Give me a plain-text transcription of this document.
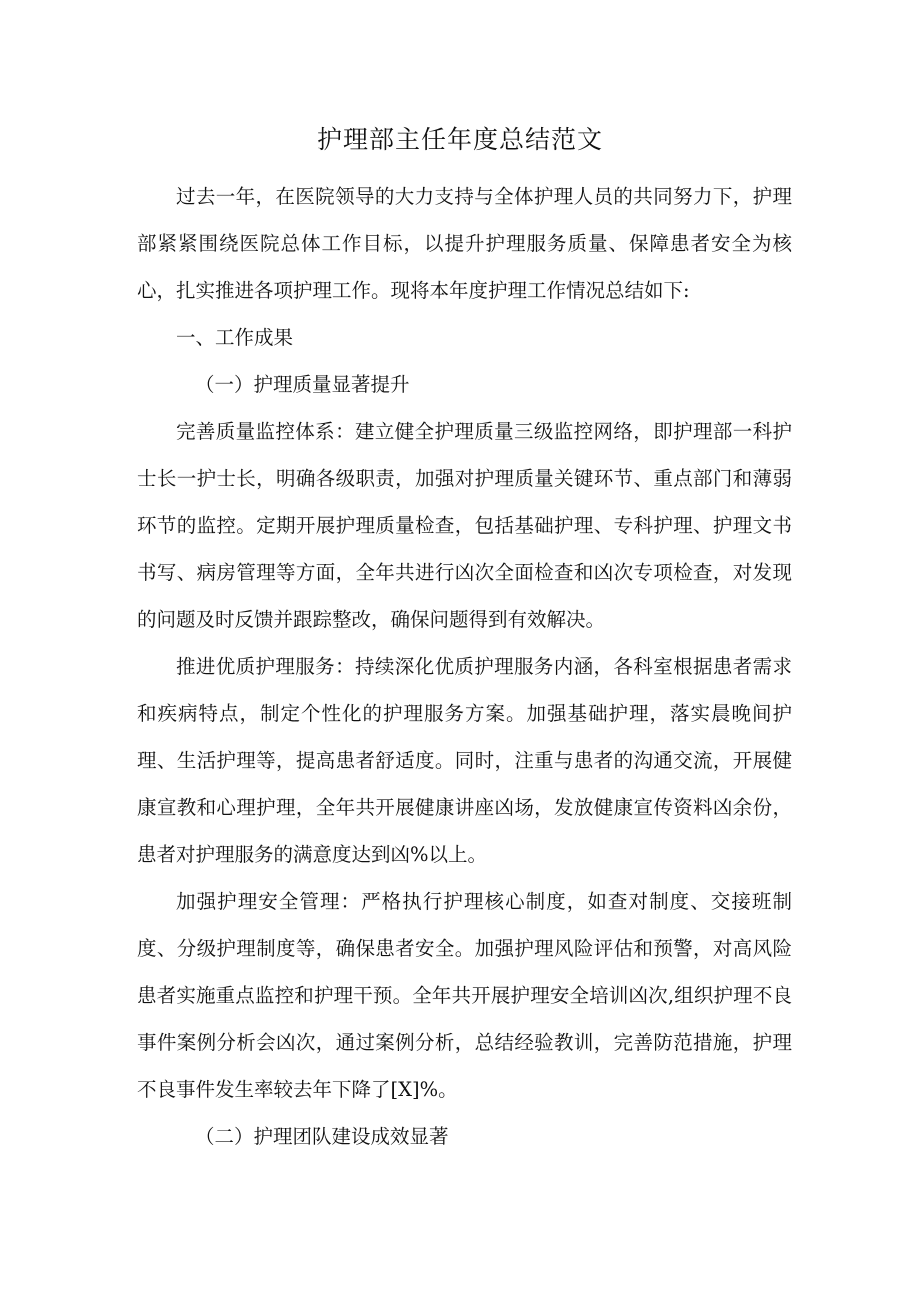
护理部主任年度总结范文

过去一年，在医院领导的大力支持与全体护理人员的共同努力下，护理部紧紧围绕医院总体工作目标，以提升护理服务质量、保障患者安全为核心，扎实推进各项护理工作。现将本年度护理工作情况总结如下:

一、工作成果

（一）护理质量显著提升

完善质量监控体系：建立健全护理质量三级监控网络，即护理部一科护士长一护士长，明确各级职责，加强对护理质量关键环节、重点部门和薄弱环节的监控。定期开展护理质量检查，包括基础护理、专科护理、护理文书书写、病房管理等方面，全年共进行凶次全面检查和凶次专项检查，对发现的问题及时反馈并跟踪整改，确保问题得到有效解决。

推进优质护理服务：持续深化优质护理服务内涵，各科室根据患者需求和疾病特点，制定个性化的护理服务方案。加强基础护理，落实晨晚间护理、生活护理等，提高患者舒适度。同时，注重与患者的沟通交流，开展健康宣教和心理护理，全年共开展健康讲座凶场，发放健康宣传资料凶余份，患者对护理服务的满意度达到凶%以上。

加强护理安全管理：严格执行护理核心制度，如查对制度、交接班制度、分级护理制度等，确保患者安全。加强护理风险评估和预警，对高风险患者实施重点监控和护理干预。全年共开展护理安全培训凶次,组织护理不良事件案例分析会凶次，通过案例分析，总结经验教训，完善防范措施，护理不良事件发生率较去年下降了[X]%。

（二）护理团队建设成效显著
